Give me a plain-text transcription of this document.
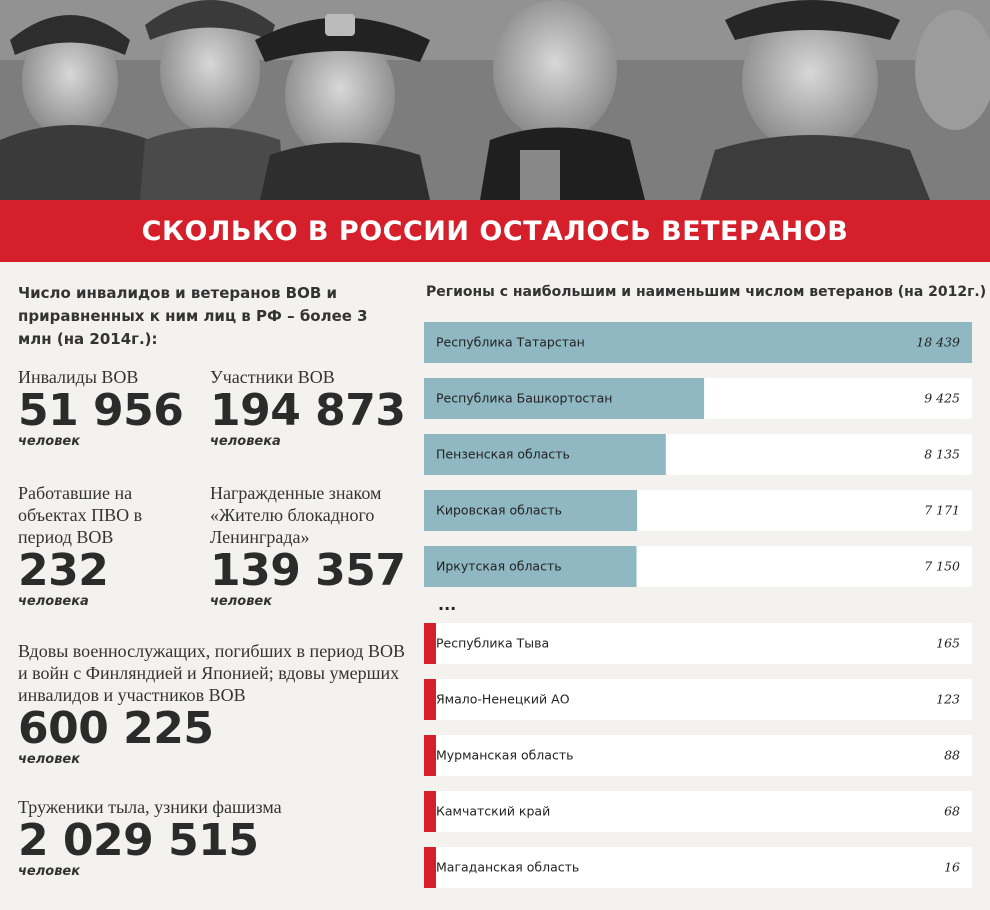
СКОЛЬКО В РОССИИ ОСТАЛОСЬ ВЕТЕРАНОВ
Число инвалидов и ветеранов ВОВ и приравненных к ним лиц в РФ – более 3 млн (на 2014г.):
Инвалиды ВОВ
51 956
человек
Участники ВОВ
194 873
человека
Работавшие на объектах ПВО в период ВОВ
232
человека
Награжденные знаком «Жителю блокадного Ленинграда»
139 357
человек
Вдовы военнослужащих, погибших в период ВОВ и войн с Финляндией и Японией; вдовы умерших инвалидов и участников ВОВ
600 225
человек
Труженики тыла, узники фашизма
2 029 515
человек
Регионы с наибольшим и наименьшим числом ветеранов (на 2012г.)
Республика Татарстан	18 439
Республика Башкортостан	9 425
Пензенская область	8 135
Кировская область	7 171
Иркутская область	7 150
...
Республика Тыва	165
Ямало-Ненецкий АО	123
Мурманская область	88
Камчатский край	68
Магаданская область	16
